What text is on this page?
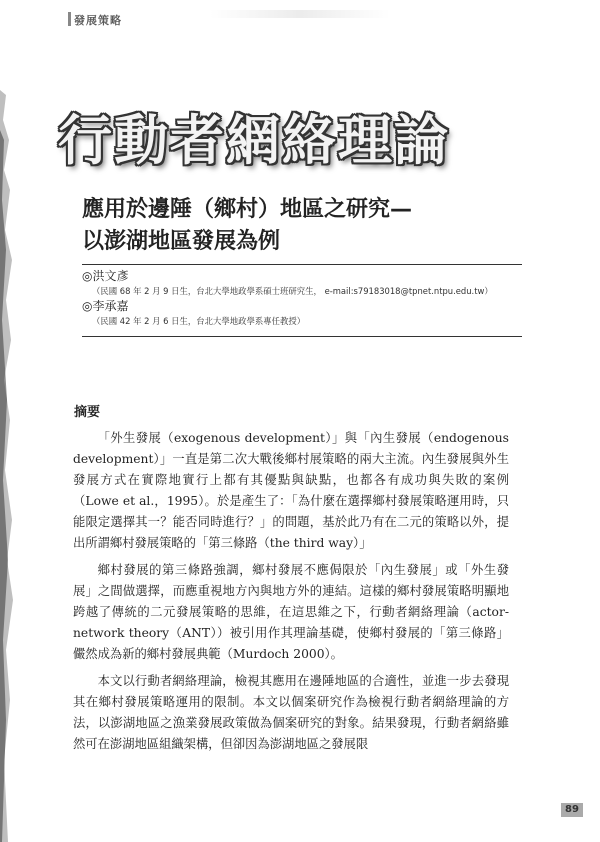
發展策略
行動者網絡理論
應用於邊陲（鄉村）地區之研究—
以澎湖地區發展為例
◎洪文彥
（民國 68 年 2 月 9 日生，台北大學地政學系碩士班研究生， e-mail:s79183018@tpnet.ntpu.edu.tw）
◎李承嘉
（民國 42 年 2 月 6 日生，台北大學地政學系專任教授）
摘要

「外生發展（exogenous development）」與「內生發展（endogenous development）」一直是第二次大戰後鄉村展策略的兩大主流。內生發展與外生發展方式在實際地實行上都有其優點與缺點，也都各有成功與失敗的案例（Lowe et al.，1995）。於是產生了：「為什麼在選擇鄉村發展策略運用時，只能限定選擇其一？能否同時進行？」的問題，基於此乃有在二元的策略以外，提出所謂鄉村發展策略的「第三條路（the third way）」

鄉村發展的第三條路強調，鄉村發展不應侷限於「內生發展」或「外生發展」之間做選擇，而應重視地方內與地方外的連結。這樣的鄉村發展策略明顯地跨越了傳統的二元發展策略的思維，在這思維之下，行動者網絡理論（actor-network theory（ANT））被引用作其理論基礎，使鄉村發展的「第三條路」儼然成為新的鄉村發展典範（Murdoch 2000）。

本文以行動者網絡理論，檢視其應用在邊陲地區的合適性，並進一步去發現其在鄉村發展策略運用的限制。本文以個案研究作為檢視行動者網絡理論的方法，以澎湖地區之漁業發展政策做為個案研究的對象。結果發現，行動者網絡雖然可在澎湖地區組織架構，但卻因為澎湖地區之發展限

89
